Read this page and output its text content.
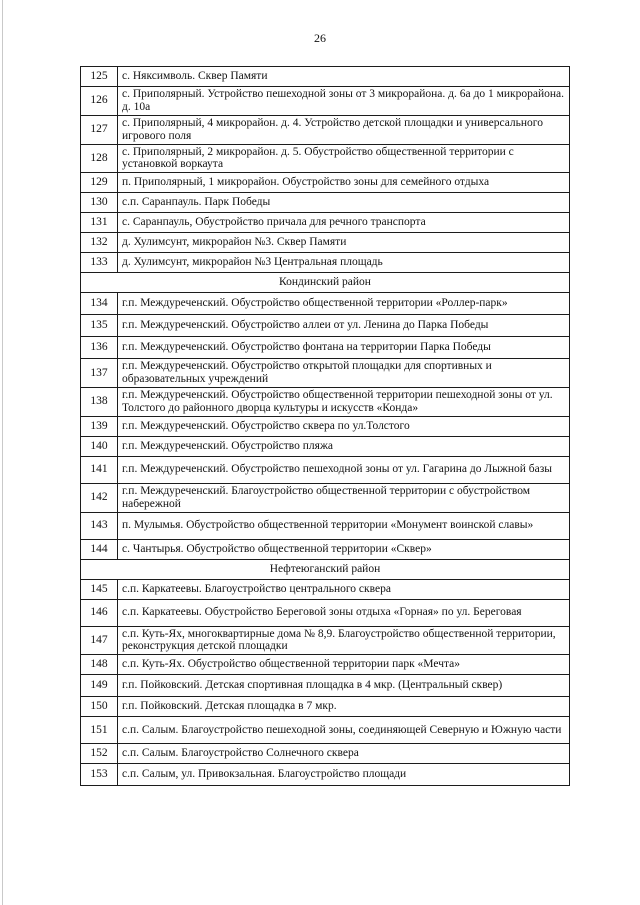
26
125	с. Няксимволь. Сквер Памяти
126	с. Приполярный. Устройство пешеходной зоны от 3 микрорайона. д. 6а до 1 микрорайона. д. 10а
127	с. Приполярный, 4 микрорайон. д. 4. Устройство детской площадки и универсального игрового поля
128	с. Приполярный, 2 микрорайон. д. 5. Обустройство общественной территории с установкой воркаута
129	п. Приполярный, 1 микрорайон. Обустройство зоны для семейного отдыха
130	с.п. Саранпауль. Парк Победы
131	с. Саранпауль, Обустройство причала для речного транспорта
132	д. Хулимсунт, микрорайон №3. Сквер Памяти
133	д. Хулимсунт, микрорайон №3 Центральная площадь
Кондинский район	
134	г.п. Междуреченский. Обустройство общественной территории «Роллер-парк»
135	г.п. Междуреченский. Обустройство аллеи от ул. Ленина до Парка Победы
136	г.п. Междуреченский. Обустройство фонтана на территории Парка Победы
137	г.п. Междуреченский. Обустройство открытой площадки для спортивных и образовательных учреждений
138	г.п. Междуреченский. Обустройство общественной территории пешеходной зоны от ул. Толстого до районного дворца культуры и искусств «Конда»
139	г.п. Междуреченский. Обустройство сквера по ул.Толстого
140	г.п. Междуреченский. Обустройство пляжа
141	г.п. Междуреченский. Обустройство пешеходной зоны от ул. Гагарина до Лыжной базы
142	г.п. Междуреченский. Благоустройство общественной территории с обустройством набережной
143	п. Мулымья. Обустройство общественной территории «Монумент воинской славы»
144	с. Чантырья. Обустройство общественной территории «Сквер»
Нефтеюганский район	
145	с.п. Каркатеевы. Благоустройство центрального сквера
146	с.п. Каркатеевы. Обустройство Береговой зоны отдыха «Горная» по ул. Береговая
147	с.п. Куть-Ях, многоквартирные дома № 8,9. Благоустройство общественной территории, реконструкция детской площадки
148	с.п. Куть-Ях. Обустройство общественной территории парк «Мечта»
149	г.п. Пойковский. Детская спортивная площадка в 4 мкр. (Центральный сквер)
150	г.п. Пойковский. Детская площадка в 7 мкр.
151	с.п. Салым. Благоустройство пешеходной зоны, соединяющей Северную и Южную части
152	с.п. Салым. Благоустройство Солнечного сквера
153	с.п. Салым, ул. Привокзальная. Благоустройство площади
